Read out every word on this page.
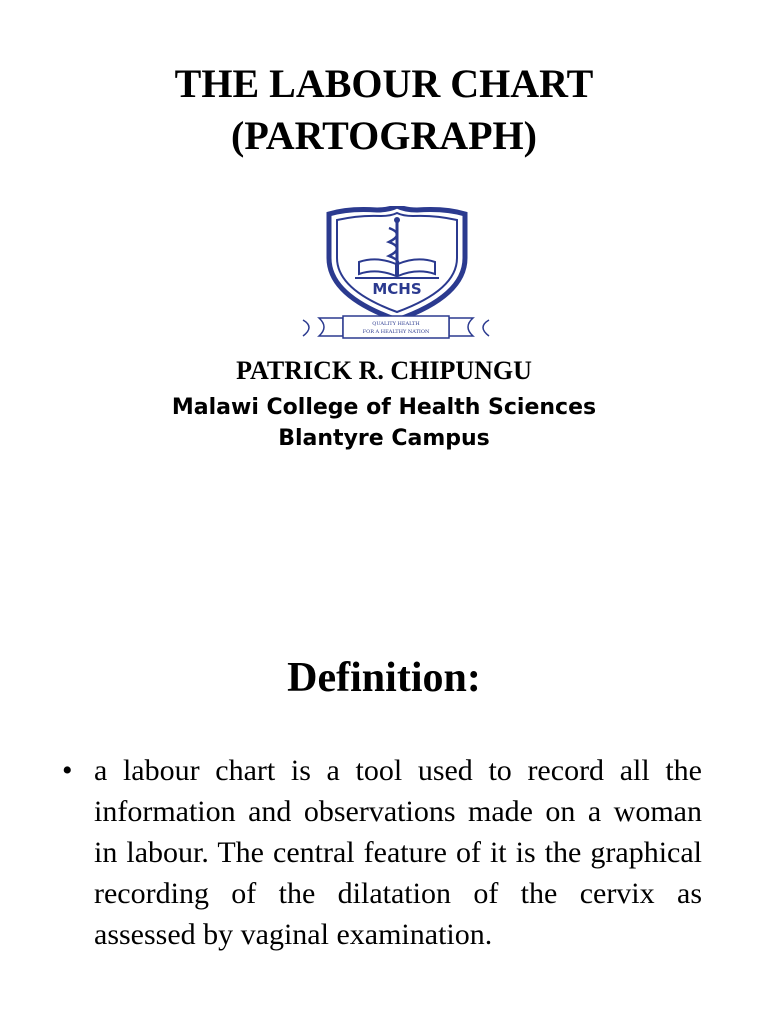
THE LABOUR CHART
(PARTOGRAPH)
MCHS
QUALITY HEALTH
FOR A HEALTHY NATION
PATRICK R. CHIPUNGU
Malawi College of Health Sciences
Blantyre Campus
Definition:
• a labour chart is a tool used to record all the information and observations made on a woman in labour. The central feature of it is the graphical recording of the dilatation of the cervix as assessed by vaginal examination.
